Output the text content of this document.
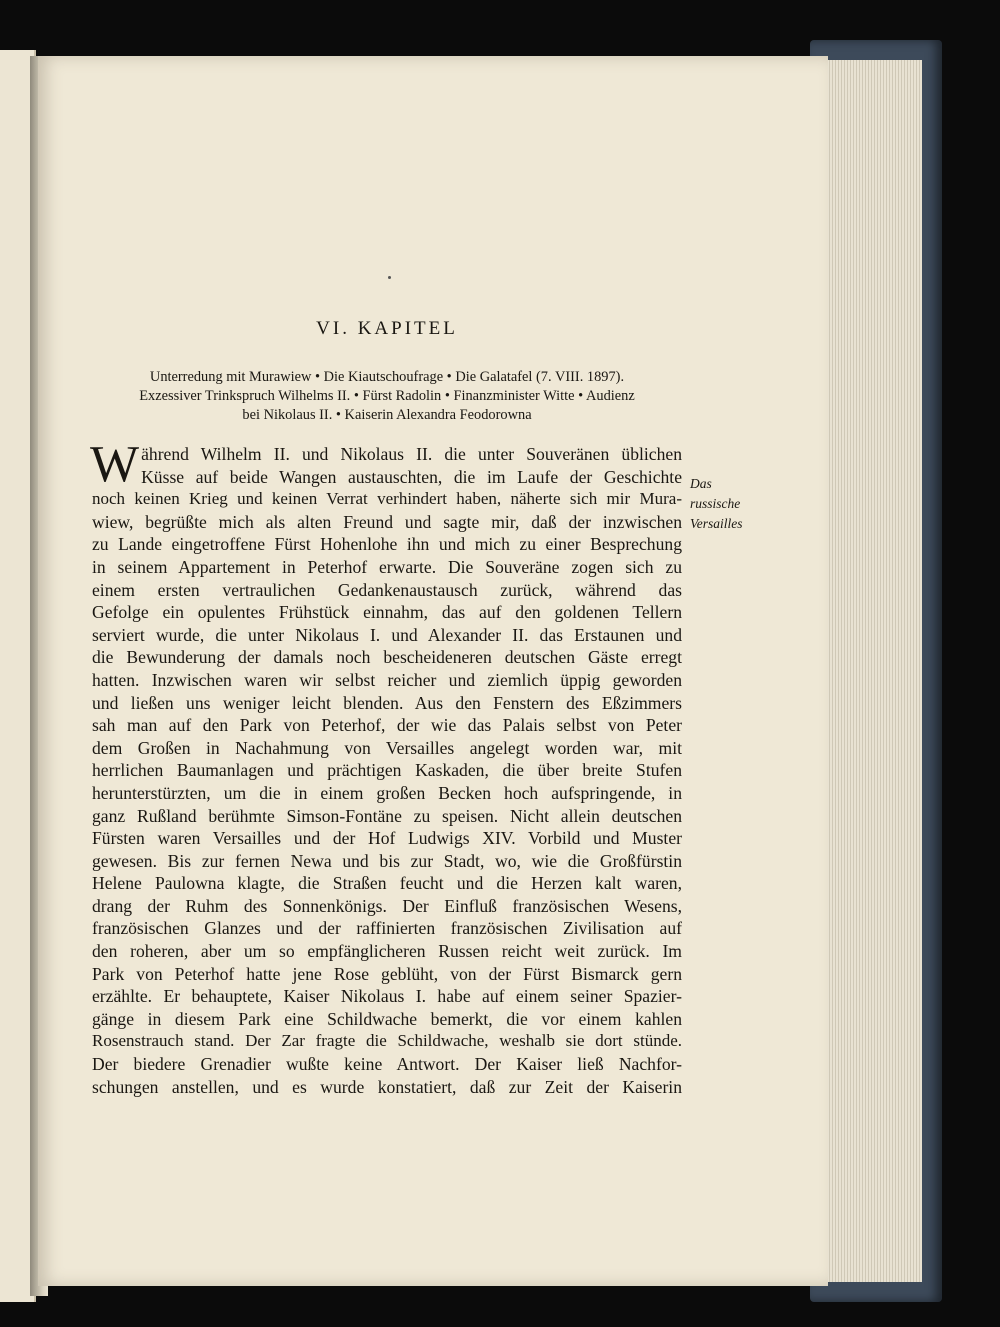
VI. KAPITEL
Unterredung mit Murawiew • Die Kiautschoufrage • Die Galatafel (7. VIII. 1897).
Exzessiver Trinkspruch Wilhelms II. • Fürst Radolin • Finanzminister Witte • Audienz
bei Nikolaus II. • Kaiserin Alexandra Feodorowna
W ährend Wilhelm II. und Nikolaus II. die unter Souveränen üblichen
Küsse auf beide Wangen austauschten, die im Laufe der Geschichte
noch keinen Krieg und keinen Verrat verhindert haben, näherte sich mir Mura-
wiew, begrüßte mich als alten Freund und sagte mir, daß der inzwischen
zu Lande eingetroffene Fürst Hohenlohe ihn und mich zu einer Besprechung
in seinem Appartement in Peterhof erwarte. Die Souveräne zogen sich zu
einem ersten vertraulichen Gedankenaustausch zurück, während das
Gefolge ein opulentes Frühstück einnahm, das auf den goldenen Tellern
serviert wurde, die unter Nikolaus I. und Alexander II. das Erstaunen und
die Bewunderung der damals noch bescheideneren deutschen Gäste erregt
hatten. Inzwischen waren wir selbst reicher und ziemlich üppig geworden
und ließen uns weniger leicht blenden. Aus den Fenstern des Eßzimmers
sah man auf den Park von Peterhof, der wie das Palais selbst von Peter
dem Großen in Nachahmung von Versailles angelegt worden war, mit
herrlichen Baumanlagen und prächtigen Kaskaden, die über breite Stufen
herunterstürzten, um die in einem großen Becken hoch aufspringende, in
ganz Rußland berühmte Simson-Fontäne zu speisen. Nicht allein deutschen
Fürsten waren Versailles und der Hof Ludwigs XIV. Vorbild und Muster
gewesen. Bis zur fernen Newa und bis zur Stadt, wo, wie die Großfürstin
Helene Paulowna klagte, die Straßen feucht und die Herzen kalt waren,
drang der Ruhm des Sonnenkönigs. Der Einfluß französischen Wesens,
französischen Glanzes und der raffinierten französischen Zivilisation auf
den roheren, aber um so empfänglicheren Russen reicht weit zurück. Im
Park von Peterhof hatte jene Rose geblüht, von der Fürst Bismarck gern
erzählte. Er behauptete, Kaiser Nikolaus I. habe auf einem seiner Spazier-
gänge in diesem Park eine Schildwache bemerkt, die vor einem kahlen
Rosenstrauch stand. Der Zar fragte die Schildwache, weshalb sie dort stünde.
Der biedere Grenadier wußte keine Antwort. Der Kaiser ließ Nachfor-
schungen anstellen, und es wurde konstatiert, daß zur Zeit der Kaiserin
Das
russische
Versailles
